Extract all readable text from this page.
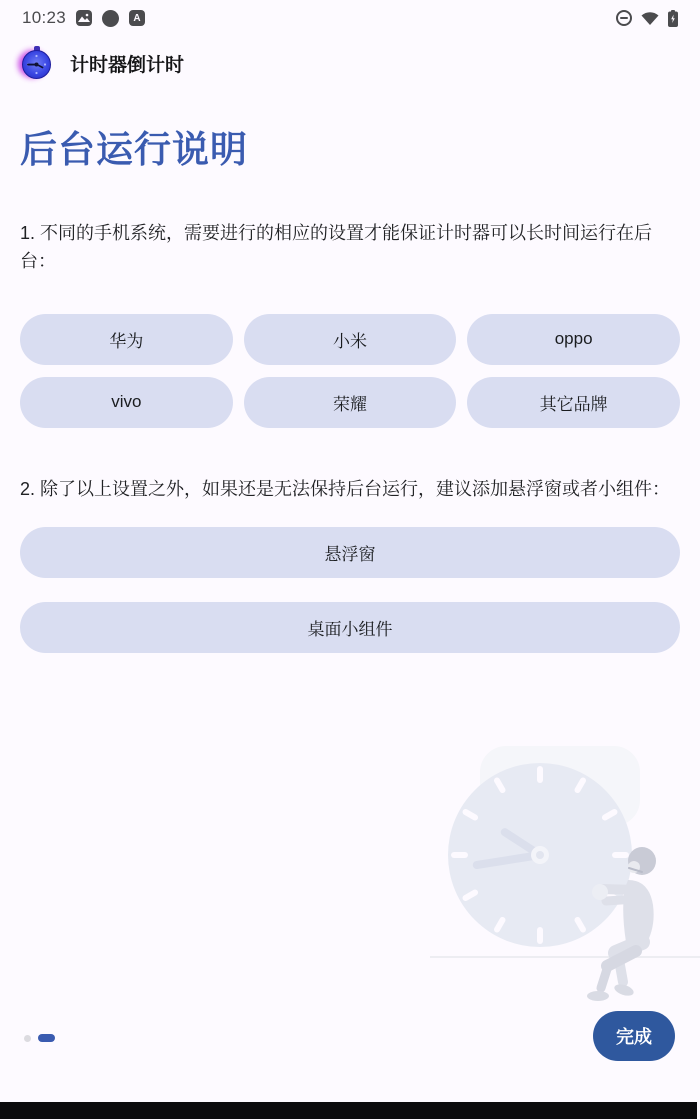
10:23	A
计时器倒计时
后台运行说明

1. 不同的手机系统，需要进行的相应的设置才能保证计时器可以长时间运行在后台：

华为	小米	oppo
vivo	荣耀	其它品牌

2. 除了以上设置之外，如果还是无法保持后台运行，建议添加悬浮窗或者小组件：

悬浮窗
桌面小组件
完成
